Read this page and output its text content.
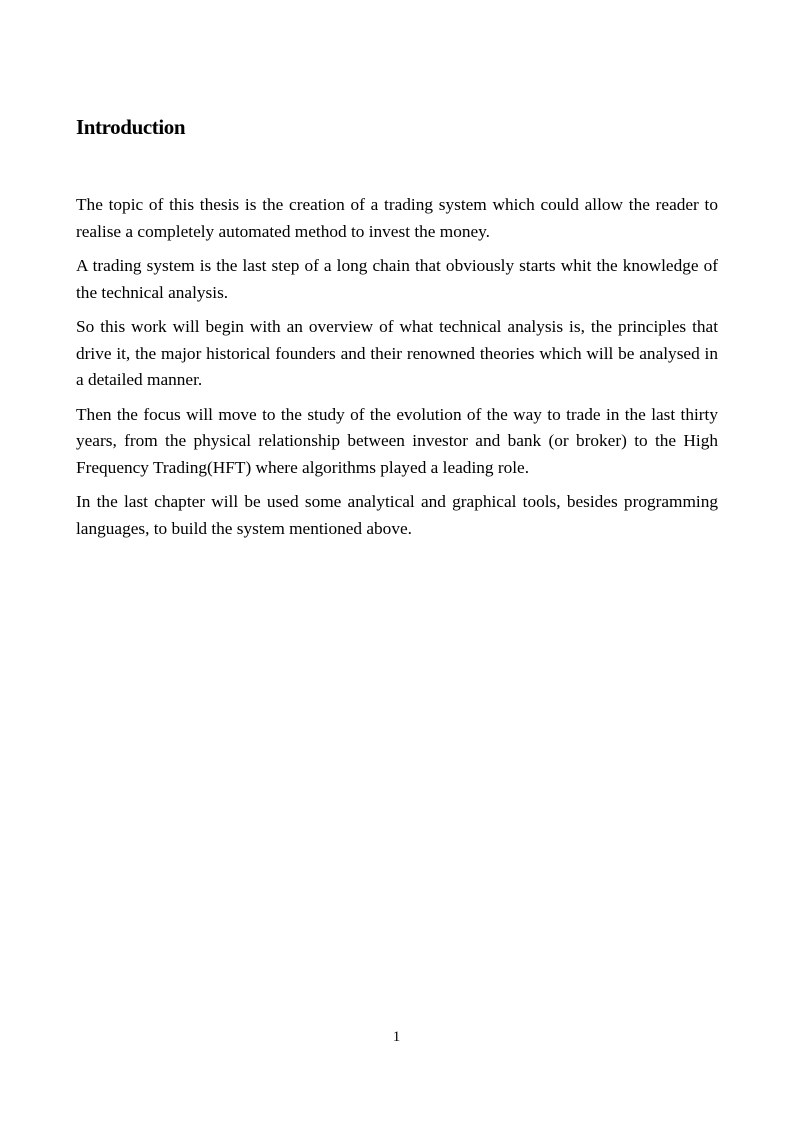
Introduction

The topic of this thesis is the creation of a trading system which could allow the reader to realise a completely automated method to invest the money.

A trading system is the last step of a long chain that obviously starts whit the knowledge of the technical analysis.

So this work will begin with an overview of what technical analysis is, the principles that drive it, the major historical founders and their renowned theories which will be analysed in a detailed manner.

Then the focus will move to the study of the evolution of the way to trade in the last thirty years, from the physical relationship between investor and bank (or broker) to the High Frequency Trading(HFT) where algorithms played a leading role.

In the last chapter will be used some analytical and graphical tools, besides programming languages, to build the system mentioned above.

1
